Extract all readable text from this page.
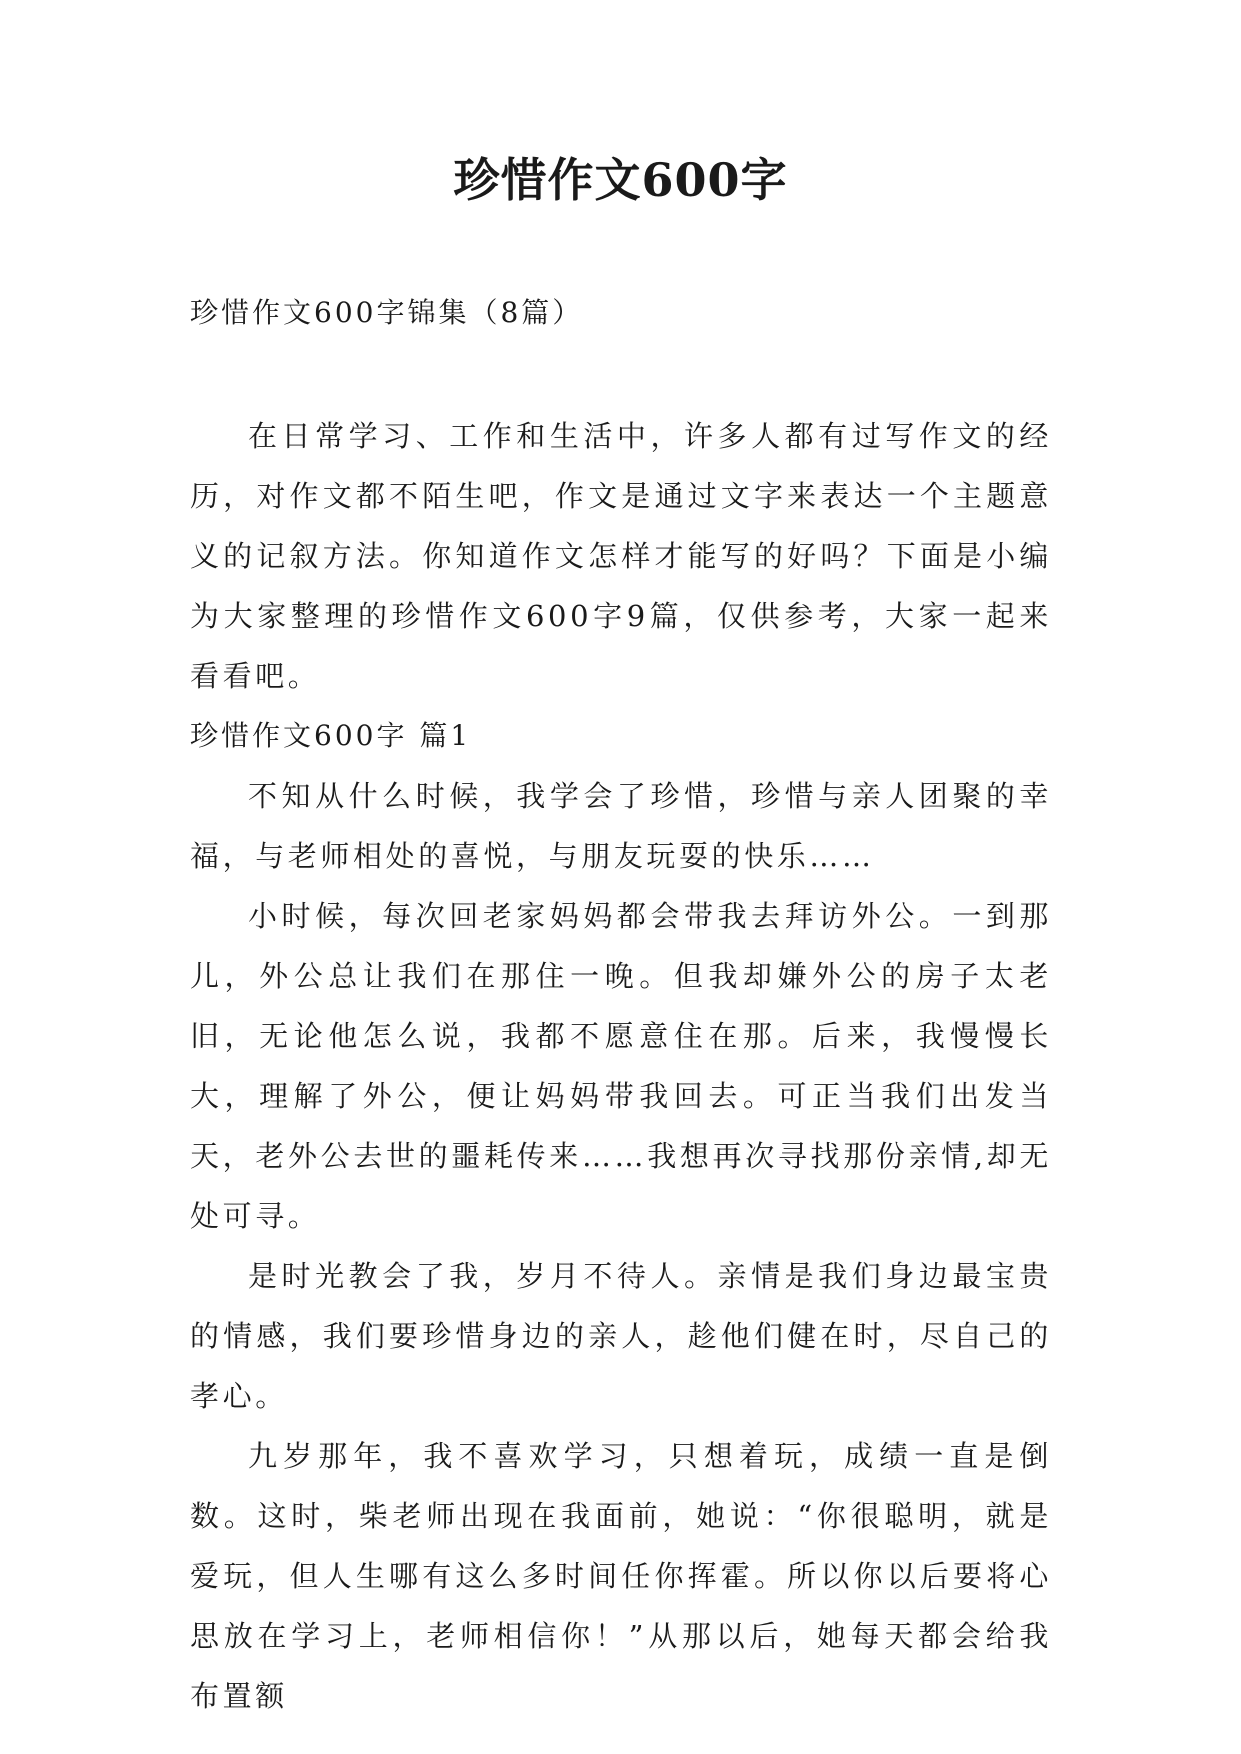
珍惜作文600字

珍惜作文600字锦集（8篇）

在日常学习、工作和生活中，许多人都有过写作文的经历，对作文都不陌生吧，作文是通过文字来表达一个主题意义的记叙方法。你知道作文怎样才能写的好吗？下面是小编为大家整理的珍惜作文600字9篇，仅供参考，大家一起来看看吧。

珍惜作文600字 篇1

不知从什么时候，我学会了珍惜，珍惜与亲人团聚的幸福，与老师相处的喜悦，与朋友玩耍的快乐……

小时候，每次回老家妈妈都会带我去拜访外公。一到那儿，外公总让我们在那住一晚。但我却嫌外公的房子太老旧，无论他怎么说，我都不愿意住在那。后来，我慢慢长大，理解了外公，便让妈妈带我回去。可正当我们出发当天，老外公去世的噩耗传来……我想再次寻找那份亲情,却无处可寻。

是时光教会了我，岁月不待人。亲情是我们身边最宝贵的情感，我们要珍惜身边的亲人，趁他们健在时，尽自己的孝心。

九岁那年，我不喜欢学习，只想着玩，成绩一直是倒数。这时，柴老师出现在我面前，她说：“你很聪明，就是爱玩，但人生哪有这么多时间任你挥霍。所以你以后要将心思放在学习上，老师相信你！”从那以后，她每天都会给我布置额
